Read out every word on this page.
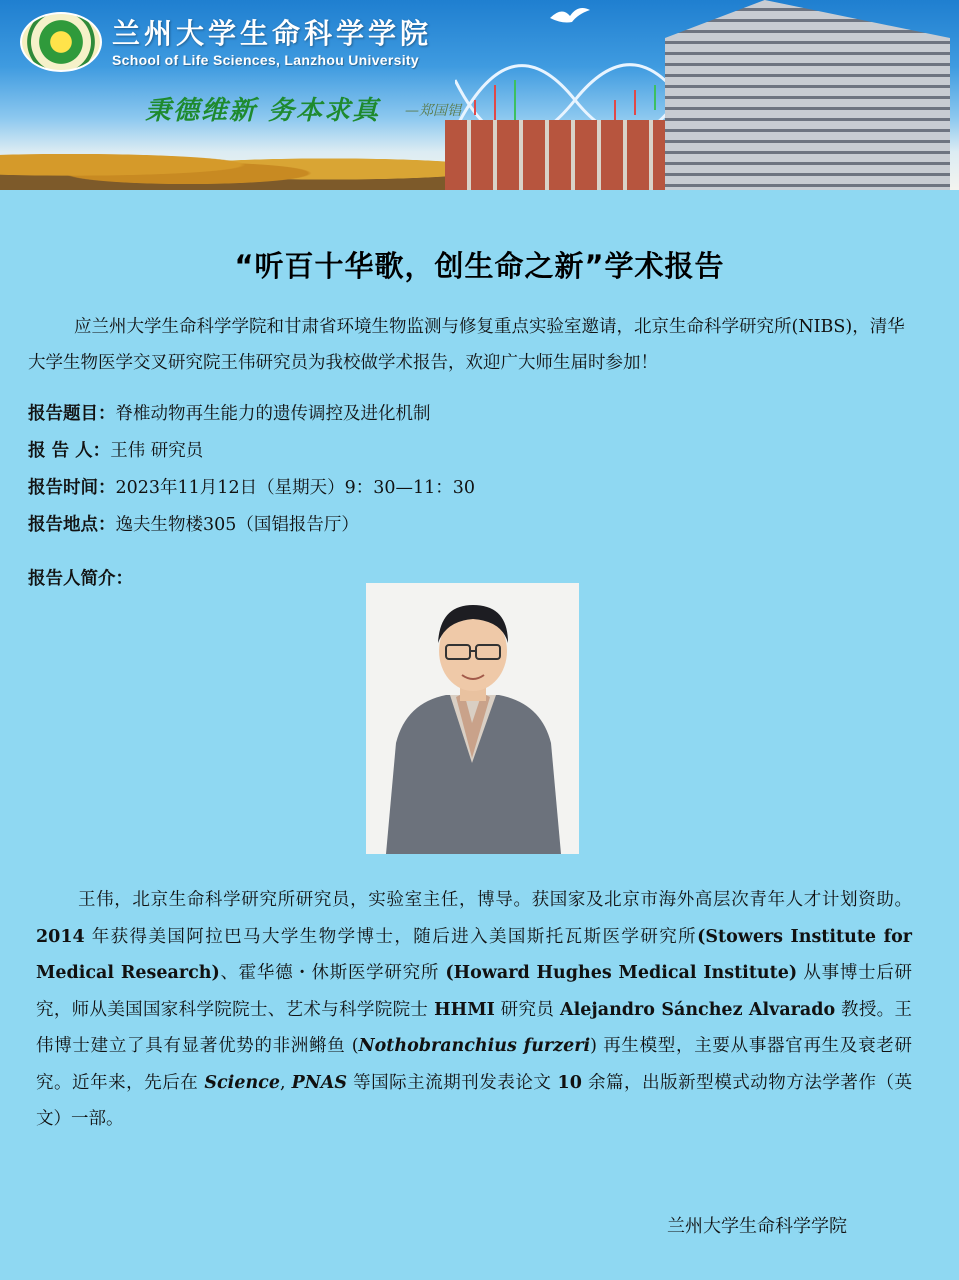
兰州大学生命科学学院
School of Life Sciences, Lanzhou University
秉德维新 务本求真 —郑国锠
“听百十华歌，创生命之新”学术报告
应兰州大学生命科学学院和甘肃省环境生物监测与修复重点实验室邀请，北京生命科学研究所(NIBS)，清华大学生物医学交叉研究院王伟研究员为我校做学术报告，欢迎广大师生届时参加！
报告题目：脊椎动物再生能力的遗传调控及进化机制
报 告 人：王伟 研究员
报告时间：2023年11月12日（星期天）9：30—11：30
报告地点：逸夫生物楼305（国锠报告厅）
报告人简介：
王伟，北京生命科学研究所研究员，实验室主任，博导。获国家及北京市海外高层次青年人才计划资助。2014 年获得美国阿拉巴马大学生物学博士，随后进入美国斯托瓦斯医学研究所(Stowers Institute for Medical Research)、霍华德・休斯医学研究所 (Howard Hughes Medical Institute) 从事博士后研究，师从美国国家科学院院士、艺术与科学院院士 HHMI 研究员 Alejandro Sánchez Alvarado 教授。王伟博士建立了具有显著优势的非洲鳉鱼 (Nothobranchius furzeri) 再生模型，主要从事器官再生及衰老研究。近年来，先后在 Science, PNAS 等国际主流期刊发表论文 10 余篇，出版新型模式动物方法学著作（英文）一部。
兰州大学生命科学学院
